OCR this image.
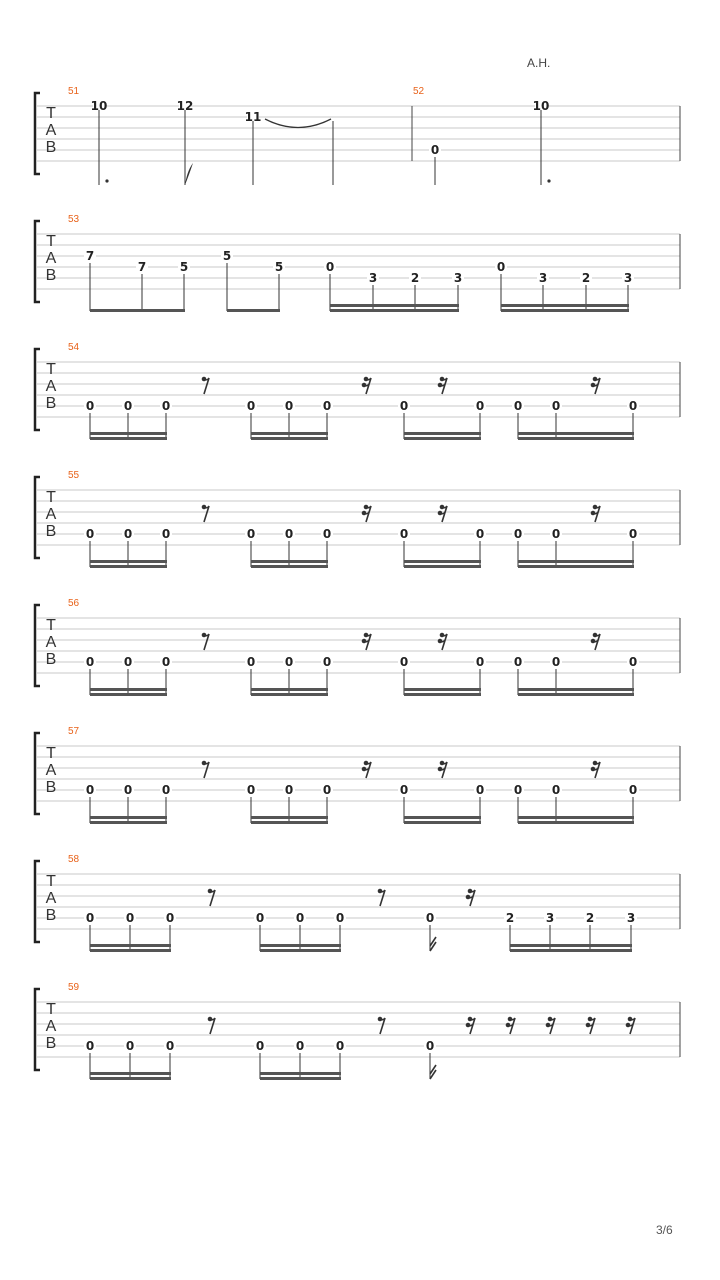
A.H.
3/6
T
A
B
51	52
10	12
11
0
10
T
A
B
53
7
7	5
5
5	0
3	2	3
0
3	2	3
T
A
B
54
0 0 0	0 0 0	0	0 0 0	0
T
A
B
55
0 0 0	0 0 0	0	0 0 0	0
T
A
B
56
0 0 0	0 0 0	0	0 0 0	0
T
A
B
57
0 0 0	0 0 0	0	0 0 0	0
T
A
B
58
0	0	0	0	0	0	0	2	3	2	3
T
A
B
59
0	0	0	0	0	0	0
